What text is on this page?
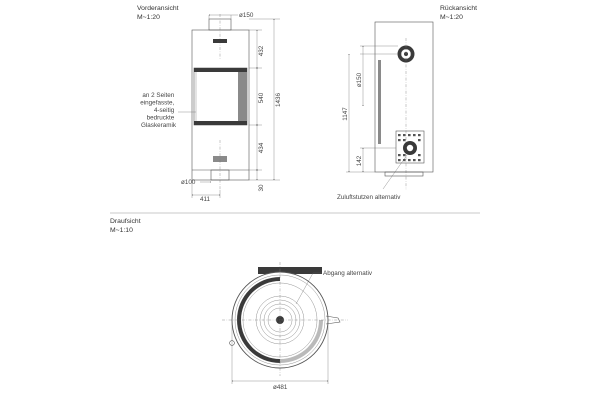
Vorderansicht
M~1:20
Rückansicht
M~1:20
Draufsicht
M~1:10
ø150
432
540
434
30
1436
ø100
411
an 2 Seiten eingefasste, 4-seitig bedruckte Glaskeramik
1147
ø150
142
Zuluftstutzen alternativ
ø481
Abgang alternativ
